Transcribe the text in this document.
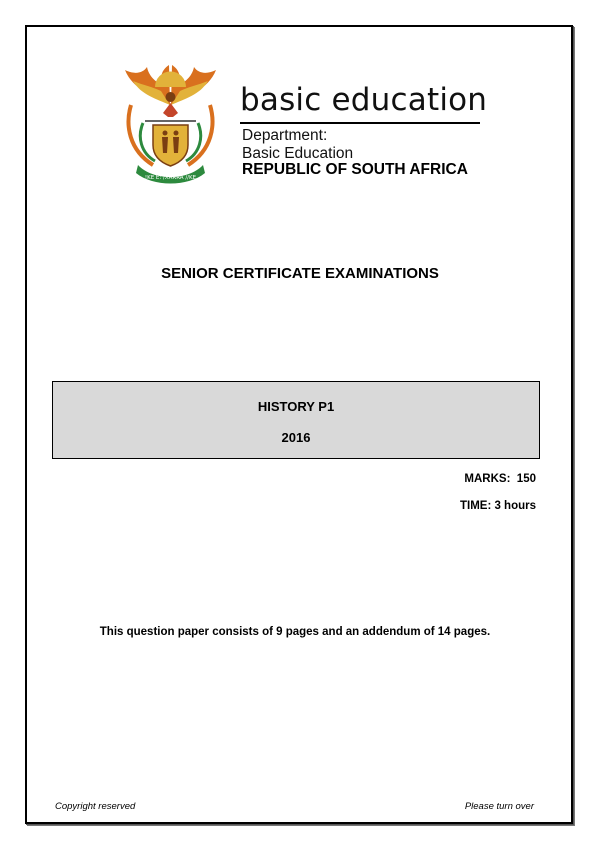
!KE E: /XARRA //KE
basic education
Department:
Basic Education
REPUBLIC OF SOUTH AFRICA
SENIOR CERTIFICATE EXAMINATIONS
HISTORY P1
2016
MARKS:  150
TIME: 3 hours
This question paper consists of 9 pages and an addendum of 14 pages.
Copyright reserved	Please turn over
